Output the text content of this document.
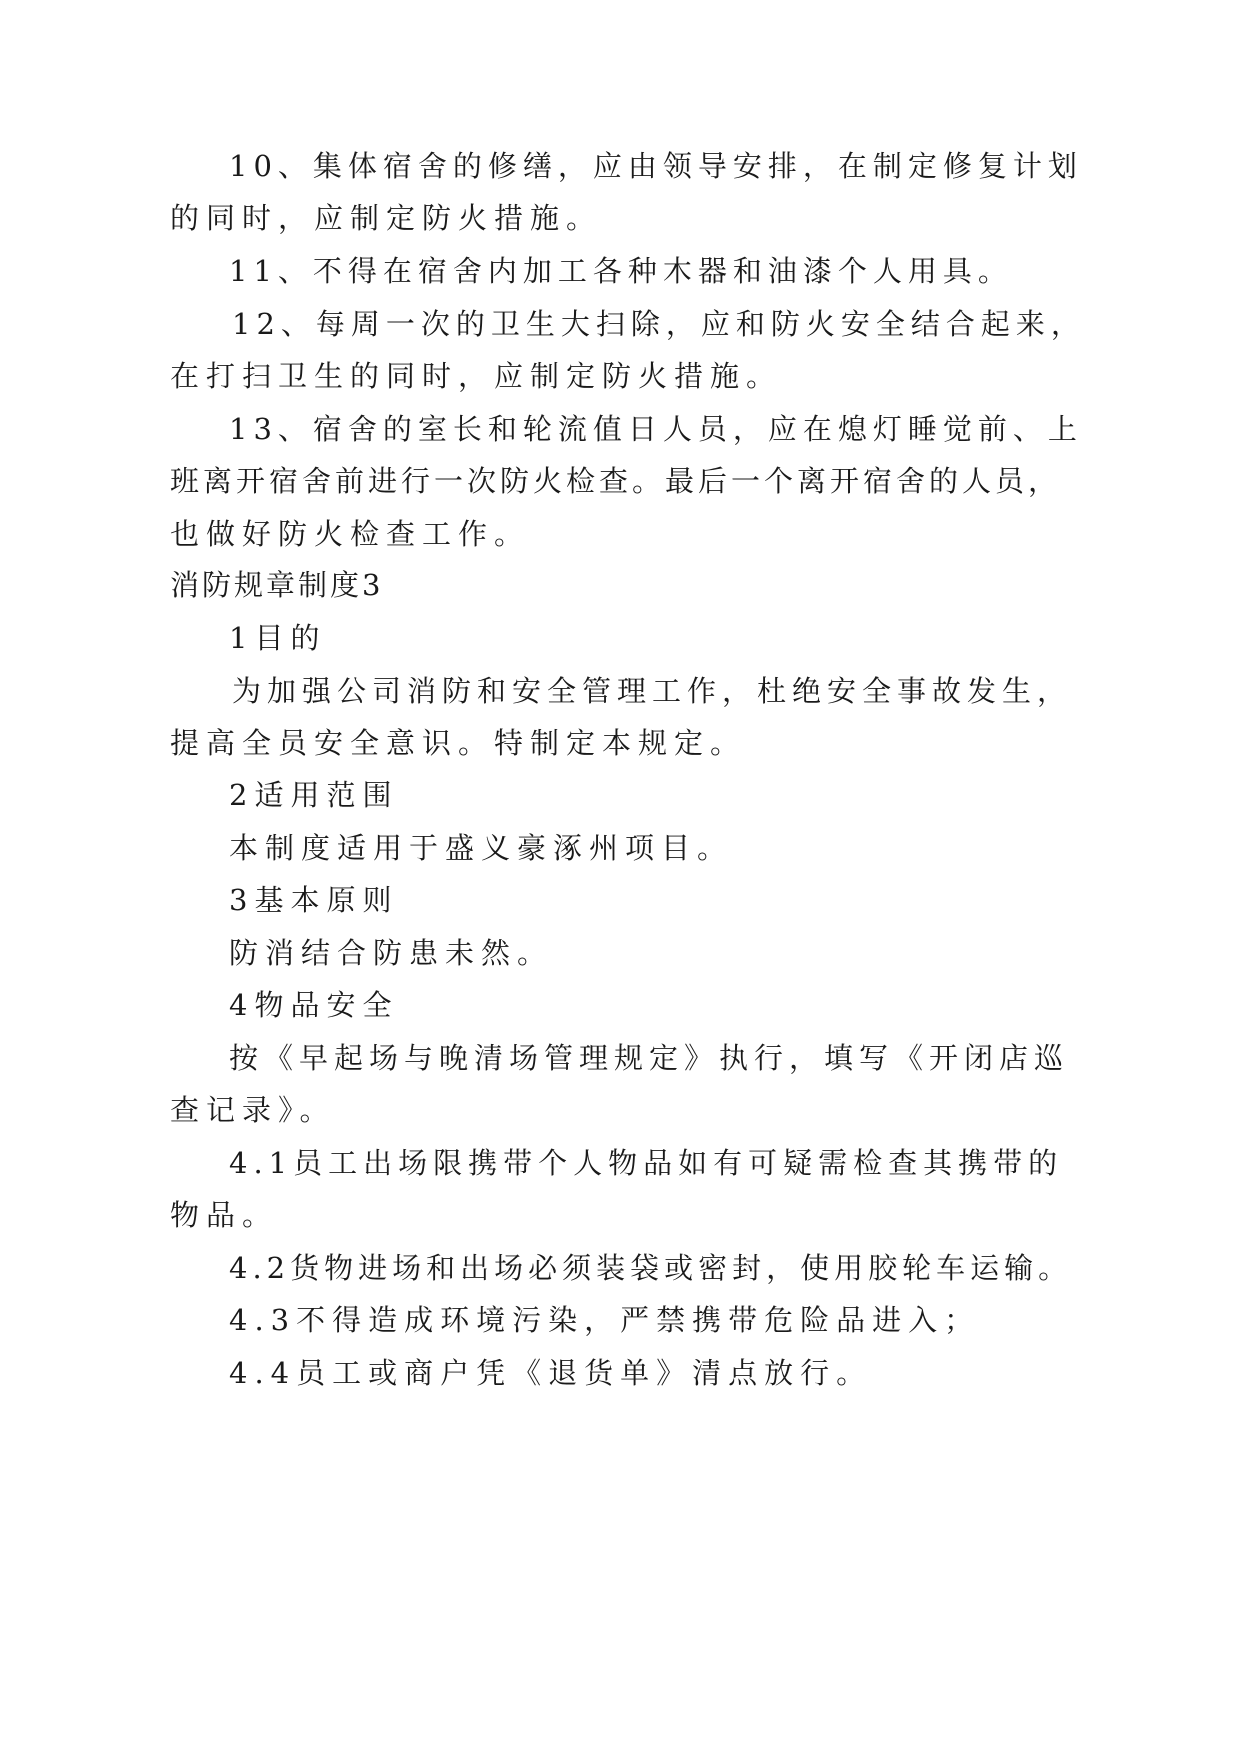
10、集体宿舍的修缮，应由领导安排，在制定修复计划
的同时，应制定防火措施。
11、不得在宿舍内加工各种木器和油漆个人用具。
12、每周一次的卫生大扫除，应和防火安全结合起来，
在打扫卫生的同时，应制定防火措施。
13、宿舍的室长和轮流值日人员，应在熄灯睡觉前、上
班离开宿舍前进行一次防火检查。最后一个离开宿舍的人员，
也做好防火检查工作。
消防规章制度3
1目的
为加强公司消防和安全管理工作，杜绝安全事故发生，
提高全员安全意识。特制定本规定。
2适用范围
本制度适用于盛义豪涿州项目。
3基本原则
防消结合防患未然。
4物品安全
按《早起场与晚清场管理规定》执行，填写《开闭店巡
查记录》。
4.1员工出场限携带个人物品如有可疑需检查其携带的
物品。
4.2货物进场和出场必须装袋或密封，使用胶轮车运输。
4.3不得造成环境污染，严禁携带危险品进入；
4.4员工或商户凭《退货单》清点放行。
